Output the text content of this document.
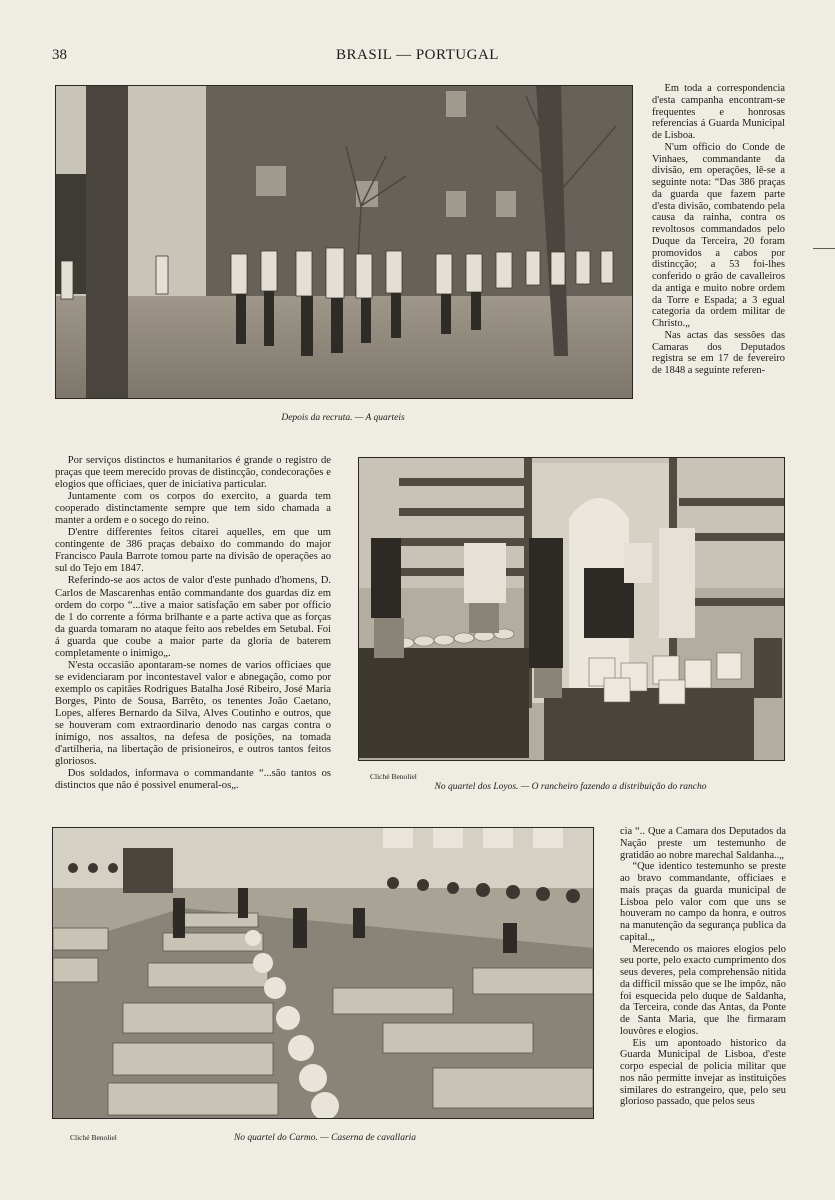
38	BRASIL — PORTUGAL
Depois da recruta. — A quarteis

Em toda a correspondencia d'esta campanha encontram-se frequentes e honrosas referencias á Guarda Municipal de Lisboa.

N'um officio do Conde de Vinhaes, commandante da divisão, em operações, lê-se a seguinte nota: “Das 386 praças da guarda que fazem parte d'esta divisão, combatendo pela causa da rainha, contra os revoltosos commandados pelo Duque da Terceira, 20 foram promovidos a cabos por distincção; a 53 foi-lhes conferido o grão de cavalleiros da antiga e muito nobre ordem da Torre e Espada; a 3 egual categoria da ordem militar de Christo.„

Nas actas das sessões das Camaras dos Deputados registra se em 17 de fevereiro de 1848 a seguinte referen-

Por serviços distinctos e humanitarios é grande o registro de praças que teem merecido provas de distincção, condecorações e elogios que officiaes, quer de iniciativa particular.

Juntamente com os corpos do exercito, a guarda tem cooperado distinctamente sempre que tem sido chamada a manter a ordem e o socego do reino.

D'entre differentes feitos citarei aquelles, em que um contingente de 386 praças debaixo do commando do major Francisco Paula Barrote tomou parte na divisão de operações ao sul do Tejo em 1847.

Referindo-se aos actos de valor d'este punhado d'homens, D. Carlos de Mascarenhas então commandante dos guardas diz em ordem do corpo “...tive a maior satisfação em saber por officio de 1 do corrente a fórma brilhante e a parte activa que as forças da guarda tomaram no ataque feito aos rebeldes em Setubal. Foi á guarda que coube a maior parte da gloria de baterem completamente o inimigo„.

N'esta occasião apontaram-se nomes de varios officiaes que se evidenciaram por incontestavel valor e abnegação, como por exemplo os capitães Rodrigues Batalha José Ribeiro, José Maria Borges, Pinto de Sousa, Barrêto, os tenentes João Caetano, Lopes, alferes Bernardo da Silva, Alves Coutinho e outros, que se houveram com extraordinario denodo nas cargas contra o inimigo, nos assaltos, na defesa de posições, na tomada d'artilheria, na libertação de prisioneiros, e outros tantos feitos gloriosos.

Dos soldados, informava o commandante “...são tantos os distinctos que não é possivel enumeral-os„.

Cliché Benoliel
No quartel dos Loyos. — O rancheiro fazendo a distribuição do rancho
Cliché Benoliel	No quartel do Carmo. — Caserna de cavallaria

cia “.. Que a Camara dos Deputados da Nação preste um testemunho de gratidão ao nobre marechal Saldanha..„

“Que identico testemunho se preste ao bravo commandante, officiaes e mais praças da guarda municipal de Lisboa pelo valor com que uns se houveram no campo da honra, e outros na manutenção da segurança publica da capital.„

Merecendo os maiores elogios pelo seu porte, pelo exacto cumprimento dos seus deveres, pela comprehensão nitida da difficil missão que se lhe impôz, não foi esquecida pelo duque de Saldanha, da Terceira, conde das Antas, da Ponte de Santa Maria, que lhe firmaram louvôres e elogios.

Eis um apontoado historico da Guarda Municipal de Lisboa, d'este corpo especial de policia militar que nos não permitte invejar as instituições similares do estrangeiro, que, pelo seu glorioso passado, que pelos seus
